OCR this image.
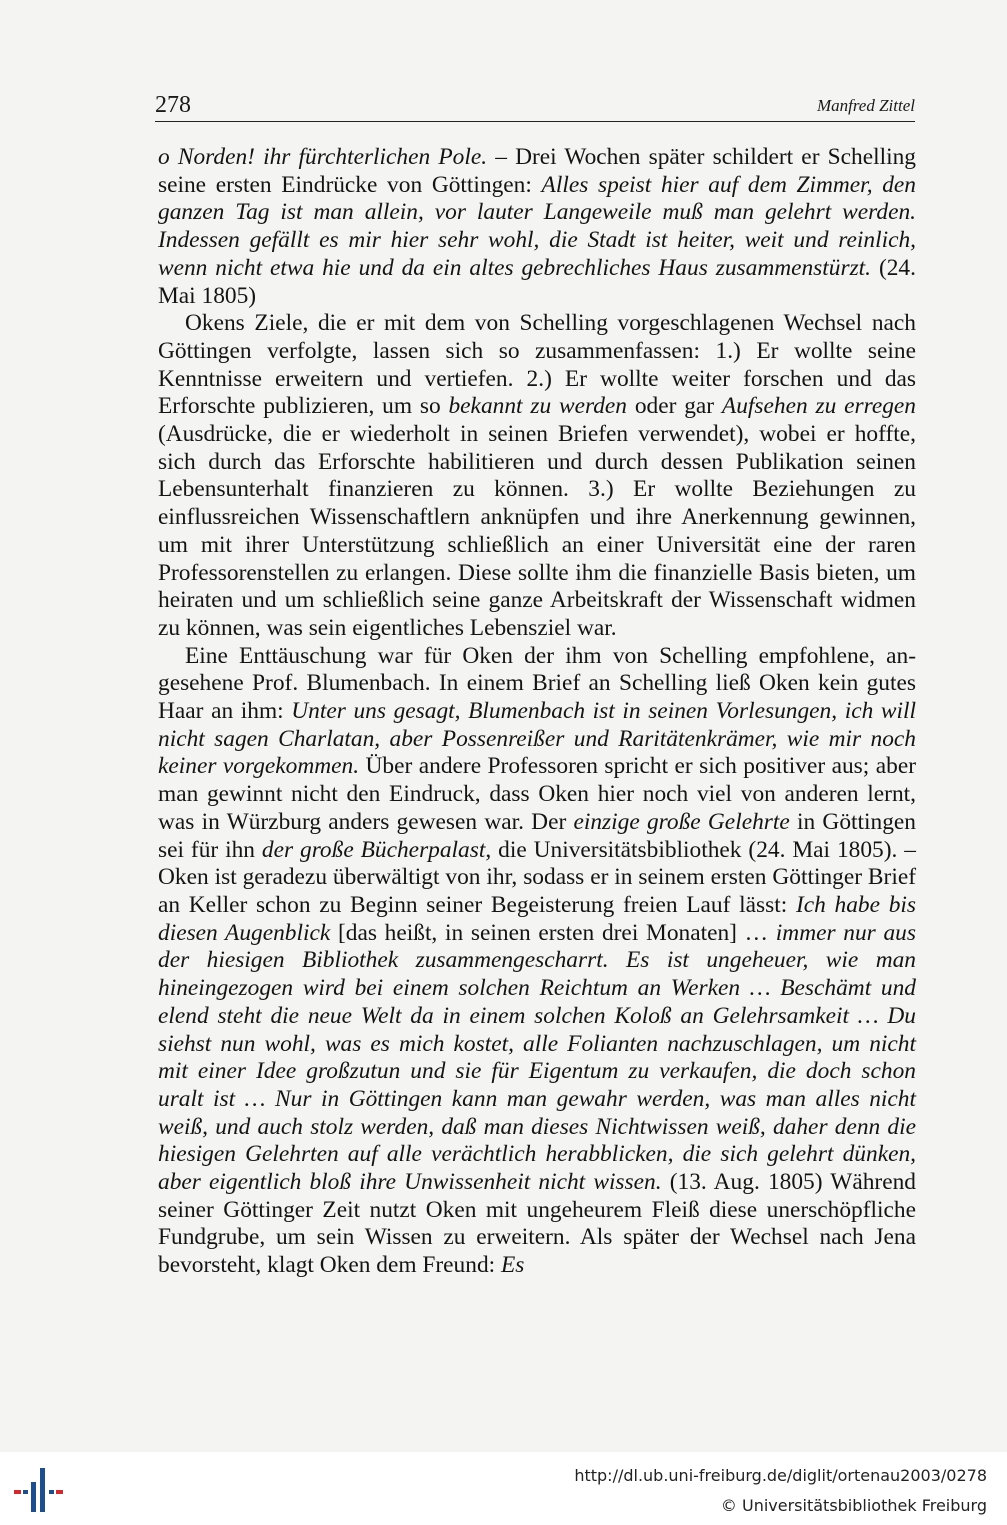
278	Manfred Zittel

o Norden! ihr fürchterlichen Pole. – Drei Wochen später schildert er Schelling seine ersten Eindrücke von Göttingen: Alles speist hier auf dem Zimmer, den ganzen Tag ist man allein, vor lauter Langeweile muß man gelehrt werden. Indessen gefällt es mir hier sehr wohl, die Stadt ist heiter, weit und reinlich, wenn nicht etwa hie und da ein altes gebrechliches Haus zusammenstürzt. (24. Mai 1805)

Okens Ziele, die er mit dem von Schelling vorgeschlagenen Wechsel nach Göttingen verfolgte, lassen sich so zusammenfassen: 1.) Er wollte seine Kenntnisse erweitern und vertiefen. 2.) Er wollte weiter forschen und das Erforschte publizieren, um so bekannt zu werden oder gar Aufsehen zu erregen (Ausdrücke, die er wiederholt in seinen Briefen verwendet), wobei er hoffte, sich durch das Erforschte habilitieren und durch dessen Publikation seinen Lebensunterhalt finanzieren zu können. 3.) Er wollte Beziehungen zu einflussreichen Wissenschaftlern anknüpfen und ihre Anerkennung gewinnen, um mit ihrer Unterstützung schließlich an einer Universität eine der raren Professorenstellen zu erlangen. Diese sollte ihm die finanzielle Basis bieten, um heiraten und um schließlich seine ganze Arbeitskraft der Wissenschaft widmen zu können, was sein eigentliches Lebensziel war.

Eine Enttäuschung war für Oken der ihm von Schelling empfohlene, angesehene Prof. Blumenbach. In einem Brief an Schelling ließ Oken kein gutes Haar an ihm: Unter uns gesagt, Blumenbach ist in seinen Vorlesungen, ich will nicht sagen Charlatan, aber Possenreißer und Raritätenkrämer, wie mir noch keiner vorgekommen. Über andere Professoren spricht er sich positiver aus; aber man gewinnt nicht den Eindruck, dass Oken hier noch viel von anderen lernt, was in Würzburg anders gewesen war. Der einzige große Gelehrte in Göttingen sei für ihn der große Bücherpalast, die Universitätsbibliothek (24. Mai 1805). – Oken ist geradezu überwältigt von ihr, sodass er in seinem ersten Göttinger Brief an Keller schon zu Beginn seiner Begeisterung freien Lauf lässt: Ich habe bis diesen Augenblick [das heißt, in seinen ersten drei Monaten] … immer nur aus der hiesigen Bibliothek zusammengescharrt. Es ist ungeheuer, wie man hineingezogen wird bei einem solchen Reichtum an Werken … Beschämt und elend steht die neue Welt da in einem solchen Koloß an Gelehrsamkeit … Du siehst nun wohl, was es mich kostet, alle Folianten nachzuschlagen, um nicht mit einer Idee großzutun und sie für Eigentum zu verkaufen, die doch schon uralt ist … Nur in Göttingen kann man gewahr werden, was man alles nicht weiß, und auch stolz werden, daß man dieses Nichtwissen weiß, daher denn die hiesigen Gelehrten auf alle verächtlich herabblicken, die sich gelehrt dünken, aber eigentlich bloß ihre Unwissenheit nicht wissen. (13. Aug. 1805) Während seiner Göttinger Zeit nutzt Oken mit ungeheurem Fleiß diese unerschöpfliche Fundgrube, um sein Wissen zu erweitern. Als später der Wechsel nach Jena bevorsteht, klagt Oken dem Freund: Es

http://dl.ub.uni-freiburg.de/diglit/ortenau2003/0278
© Universitätsbibliothek Freiburg
